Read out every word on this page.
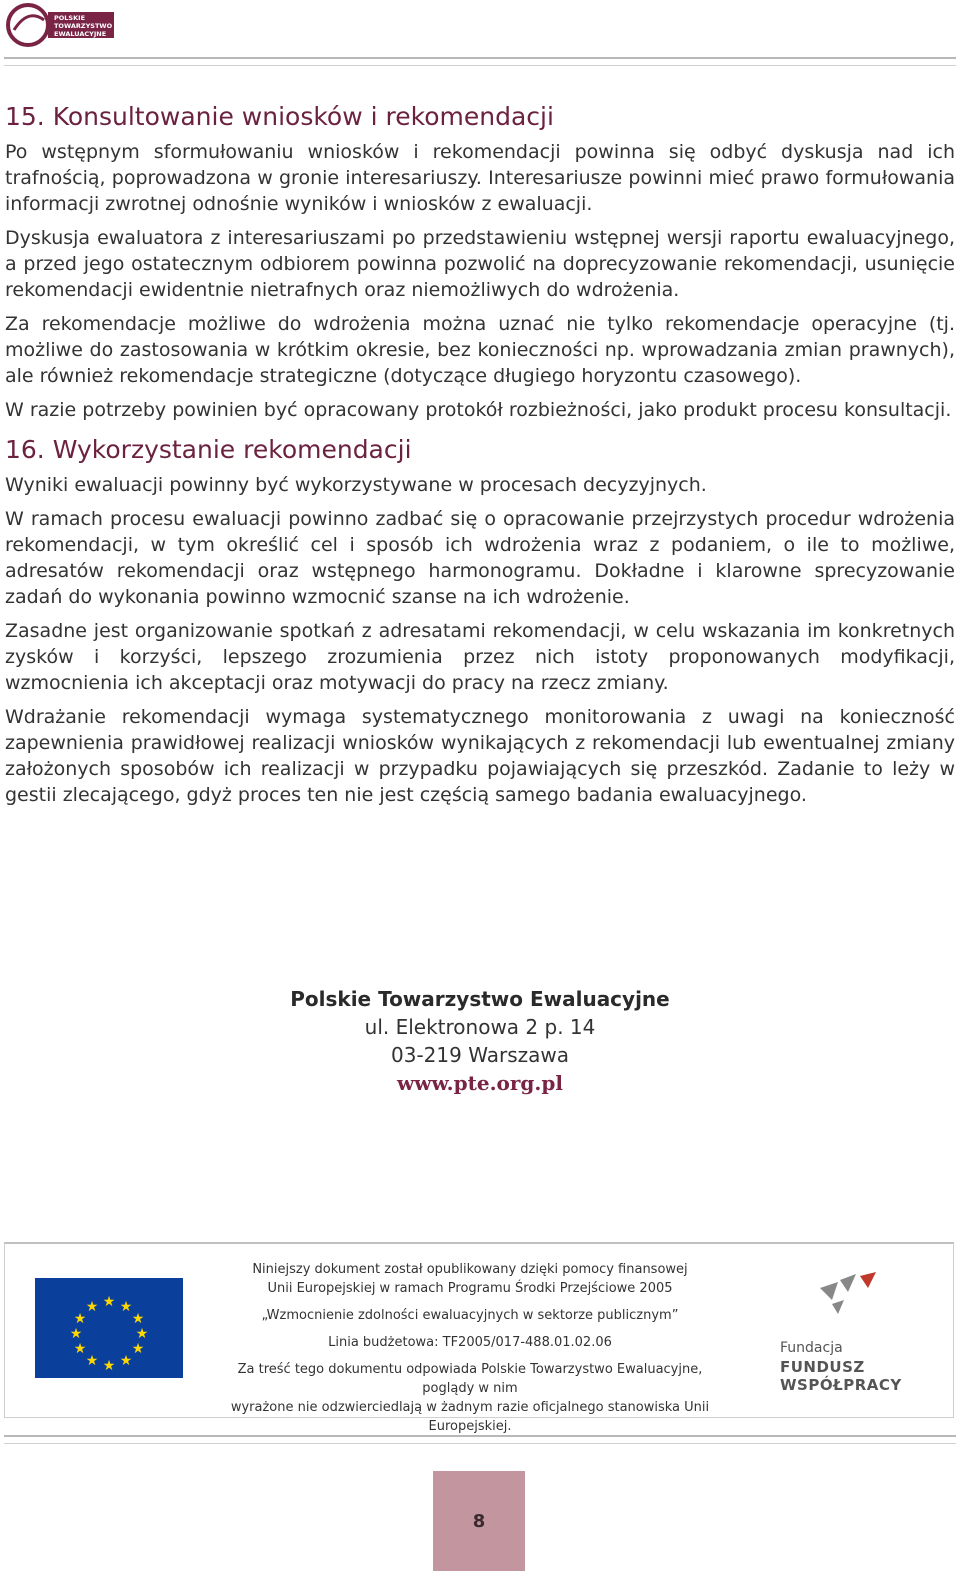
POLSKIE
TOWARZYSTWO
EWALUACYJNE
15. Konsultowanie wniosków i rekomendacji

Po wstępnym sformułowaniu wniosków i rekomendacji powinna się odbyć dyskusja nad ich trafnością, poprowadzona w gronie interesariuszy. Interesariusze powinni mieć prawo formułowania informacji zwrotnej odnośnie wyników i wniosków z ewaluacji.

Dyskusja ewaluatora z interesariuszami po przedstawieniu wstępnej wersji raportu ewaluacyjnego, a przed jego ostatecznym odbiorem powinna pozwolić na doprecyzowanie rekomendacji, usunięcie rekomendacji ewidentnie nietrafnych oraz niemożliwych do wdrożenia.

Za rekomendacje możliwe do wdrożenia można uznać nie tylko rekomendacje operacyjne (tj. możliwe do zastosowania w krótkim okresie, bez konieczności np. wprowadzania zmian prawnych), ale również rekomendacje strategiczne (dotyczące długiego horyzontu czasowego).

W razie potrzeby powinien być opracowany protokół rozbieżności, jako produkt procesu konsultacji.

16. Wykorzystanie rekomendacji

Wyniki ewaluacji powinny być wykorzystywane w procesach decyzyjnych.

W ramach procesu ewaluacji powinno zadbać się o opracowanie przejrzystych procedur wdrożenia rekomendacji, w tym określić cel i sposób ich wdrożenia wraz z podaniem, o ile to możliwe, adresatów rekomendacji oraz wstępnego harmonogramu. Dokładne i klarowne sprecyzowanie zadań do wykonania powinno wzmocnić szanse na ich wdrożenie.

Zasadne jest organizowanie spotkań z adresatami rekomendacji, w celu wskazania im konkretnych zysków i korzyści, lepszego zrozumienia przez nich istoty proponowanych modyfikacji, wzmocnienia ich akceptacji oraz motywacji do pracy na rzecz zmiany.

Wdrażanie rekomendacji wymaga systematycznego monitorowania z uwagi na konieczność zapewnienia prawidłowej realizacji wniosków wynikających z rekomendacji lub ewentualnej zmiany założonych sposobów ich realizacji w przypadku pojawiających się przeszkód. Zadanie to leży w gestii zlecającego, gdyż proces ten nie jest częścią samego badania ewaluacyjnego.

Polskie Towarzystwo Ewaluacyjne
ul. Elektronowa 2 p. 14
03-219 Warszawa
www.pte.org.pl
★ ★
★
★
★
★
★
★
★
★
★
★
Niniejszy dokument został opublikowany dzięki pomocy finansowej
Unii Europejskiej w ramach Programu Środki Przejściowe 2005
„Wzmocnienie zdolności ewaluacyjnych w sektorze publicznym”
Linia budżetowa: TF2005/017-488.01.02.06
Za treść tego dokumentu odpowiada Polskie Towarzystwo Ewaluacyjne, poglądy w nim
wyrażone nie odzwierciedlają w żadnym razie oficjalnego stanowiska Unii Europejskiej.
Fundacja
FUNDUSZ WSPÓŁPRACY
8
